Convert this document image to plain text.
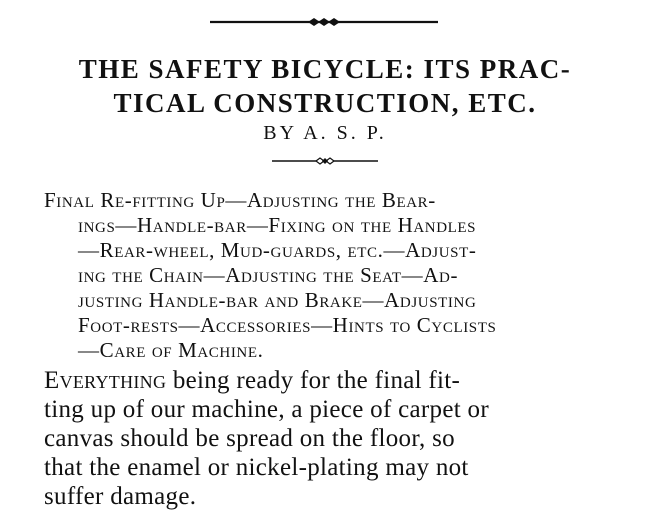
THE SAFETY BICYCLE: ITS PRAC-
TICAL CONSTRUCTION, ETC.

BY A. S. P.

Final Re-fitting Up—Adjusting the Bear-
ings—Handle-bar—Fixing on the Handles
—Rear-wheel, Mud-guards, etc.—Adjust-
ing the Chain—Adjusting the Seat—Ad-
justing Handle-bar and Brake—Adjusting
Foot-rests—Accessories—Hints to Cyclists
—Care of Machine.
Everything being ready for the final fit-
ting up of our machine, a piece of carpet or
canvas should be spread on the floor, so
that the enamel or nickel-plating may not
suffer damage.
